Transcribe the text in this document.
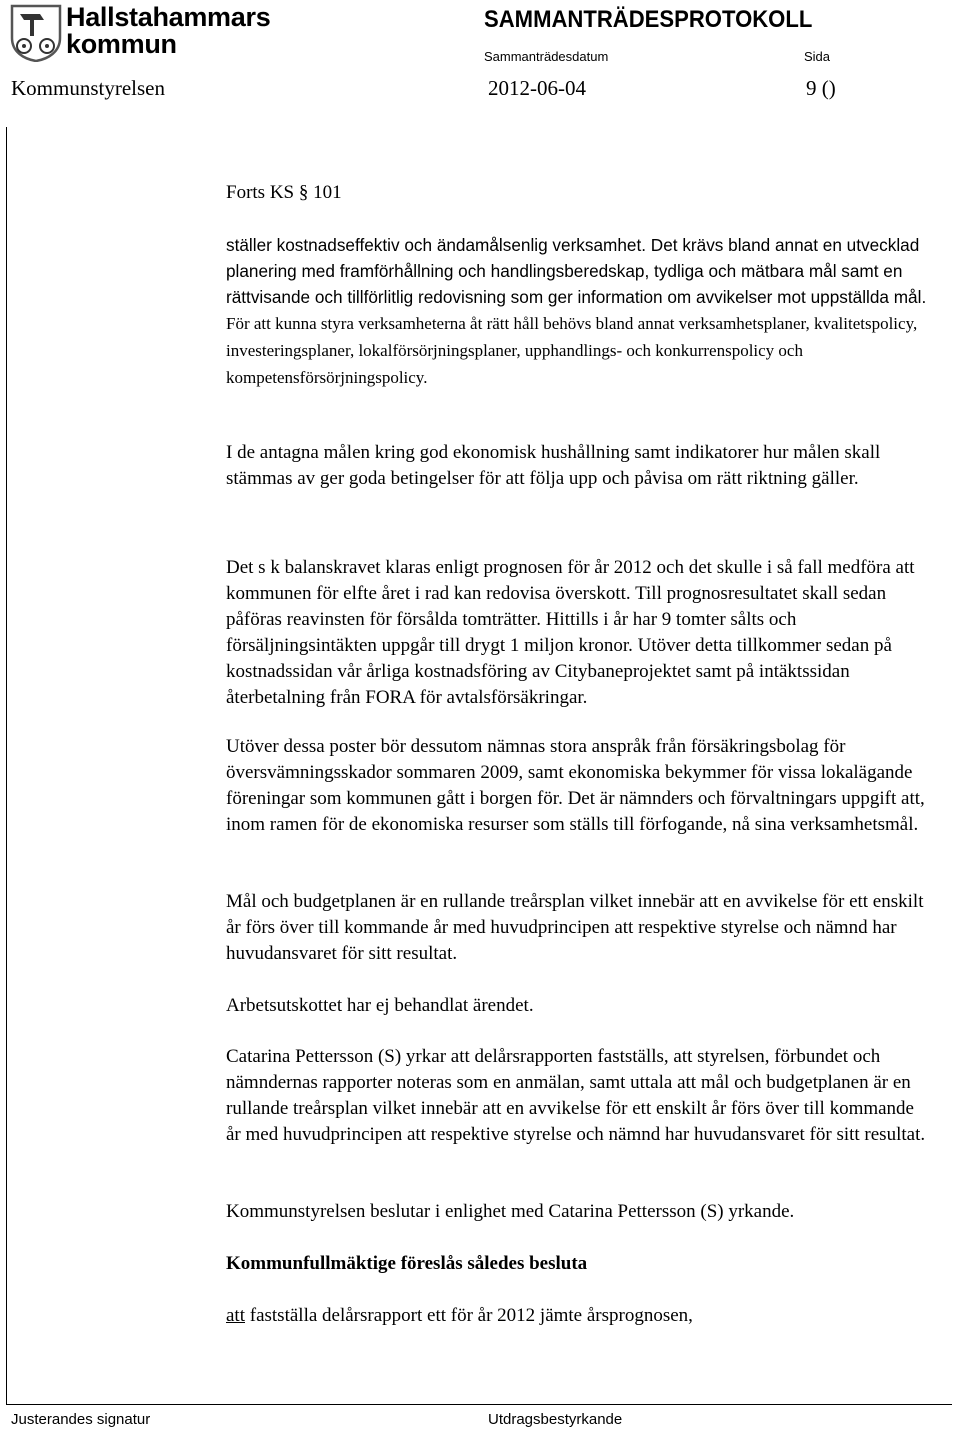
Hallstahammars
kommun
SAMMANTRÄDESPROTOKOLL
Sammanträdesdatum	Sida
Kommunstyrelsen	2012-06-04	9 ()

Forts KS § 101

ställer kostnadseffektiv och ändamålsenlig verksamhet. Det krävs bland annat en utvecklad planering med framförhållning och handlingsberedskap, tydliga och mätbara mål samt en rättvisande och tillförlitlig redovisning som ger information om avvikelser mot uppställda mål. För att kunna styra verksamheterna åt rätt håll behövs bland annat verksamhetsplaner, kvalitetspolicy, investeringsplaner, lokalförsörjningsplaner, upphandlings- och konkurrenspolicy och kompetensförsörjningspolicy.

I de antagna målen kring god ekonomisk hushållning samt indikatorer hur målen skall stämmas av ger goda betingelser för att följa upp och påvisa om rätt riktning gäller.

Det s k balanskravet klaras enligt prognosen för år 2012 och det skulle i så fall medföra att kommunen för elfte året i rad kan redovisa överskott. Till prognosresultatet skall sedan påföras reavinsten för försålda tomträtter. Hittills i år har 9 tomter sålts och försäljningsintäkten uppgår till drygt 1 miljon kronor. Utöver detta tillkommer sedan på kostnadssidan vår årliga kostnadsföring av Citybaneprojektet samt på intäktssidan återbetalning från FORA för avtalsförsäkringar.

Utöver dessa poster bör dessutom nämnas stora anspråk från försäkringsbolag för översvämningsskador sommaren 2009, samt ekonomiska bekymmer för vissa lokalägande föreningar som kommunen gått i borgen för. Det är nämnders och förvaltningars uppgift att, inom ramen för de ekonomiska resurser som ställs till förfogande, nå sina verksamhetsmål.

Mål och budgetplanen är en rullande treårsplan vilket innebär att en avvikelse för ett enskilt år förs över till kommande år med huvudprincipen att respektive styrelse och nämnd har huvudansvaret för sitt resultat.

Arbetsutskottet har ej behandlat ärendet.

Catarina Pettersson (S) yrkar att delårsrapporten fastställs, att styrelsen, förbundet och nämndernas rapporter noteras som en anmälan, samt uttala att mål och budgetplanen är en rullande treårsplan vilket innebär att en avvikelse för ett enskilt år förs över till kommande år med huvudprincipen att respektive styrelse och nämnd har huvudansvaret för sitt resultat.

Kommunstyrelsen beslutar i enlighet med Catarina Pettersson (S) yrkande.

Kommunfullmäktige föreslås således besluta

att fastställa delårsrapport ett för år 2012 jämte årsprognosen,

Justerandes signatur	Utdragsbestyrkande
